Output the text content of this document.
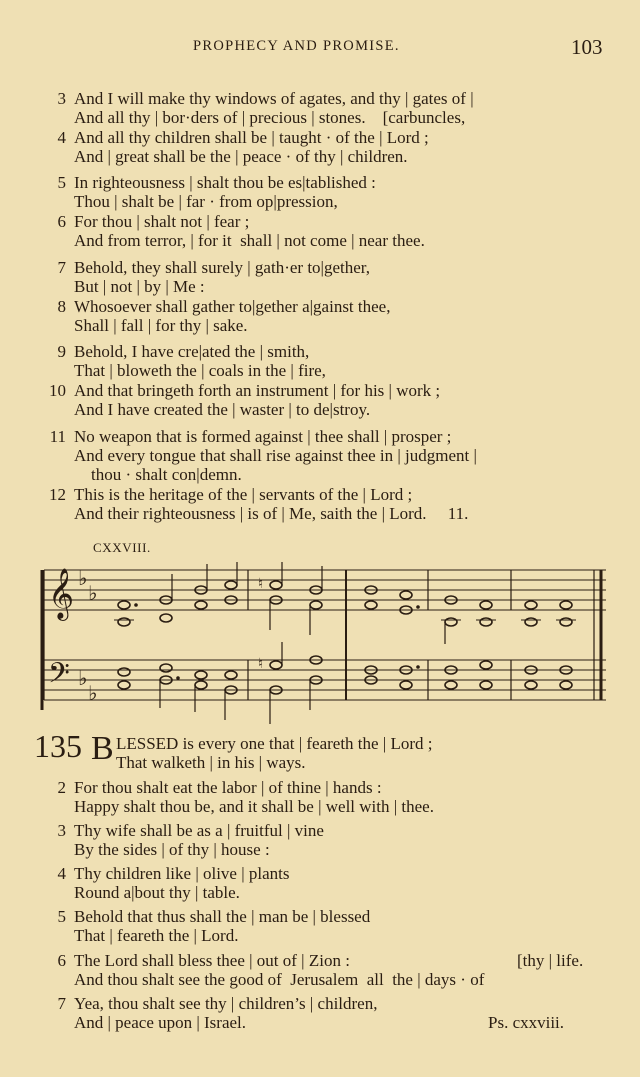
PROPHECY AND PROMISE.	103
3 And I will make thy windows of agates, and thy | gates of |
And all thy | bor·ders of | precious | stones.    [carbuncles,
4 And all thy children shall be | taught · of the | Lord ;
And | great shall be the | peace · of thy | children.
5 In righteousness | shalt thou be es|tablished :
Thou | shalt be | far · from op|pression,
6 For thou | shalt not | fear ;
And from terror, | for it  shall | not come | near thee.
7 Behold, they shall surely | gath·er to|gether,
But | not | by | Me :
8 Whosoever shall gather to|gether a|gainst thee,
Shall | fall | for thy | sake.
9 Behold, I have cre|ated the | smith,
That | bloweth the | coals in the | fire,
10 And that bringeth forth an instrument | for his | work ;
And I have created the | waster | to de|stroy.
11 No weapon that is formed against | thee shall | prosper ;
And every tongue that shall rise against thee in | judgment |
thou · shalt con|demn.
12 This is the heritage of the | servants of the | Lord ;
And their righteousness | is of | Me, saith the | Lord.     11.
CXXVIII.
𝄞
𝄢
♭
♭
♭
♭
♮
♮
135 B LESSED is every one that | feareth the | Lord ;
That walketh | in his | ways.
2 For thou shalt eat the labor | of thine | hands :
Happy shalt thou be, and it shall be | well with | thee.
3 Thy wife shall be as a | fruitful | vine
By the sides | of thy | house :
4 Thy children like | olive | plants
Round a|bout thy | table.
5 Behold that thus shall the | man be | blessed
That | feareth the | Lord.
6 The Lord shall bless thee | out of | Zion :	[thy | life.
And thou shalt see the good of  Jerusalem  all  the | days · of
7 Yea, thou shalt see thy | children’s | children,
And | peace upon | Israel.	Ps. cxxviii.
